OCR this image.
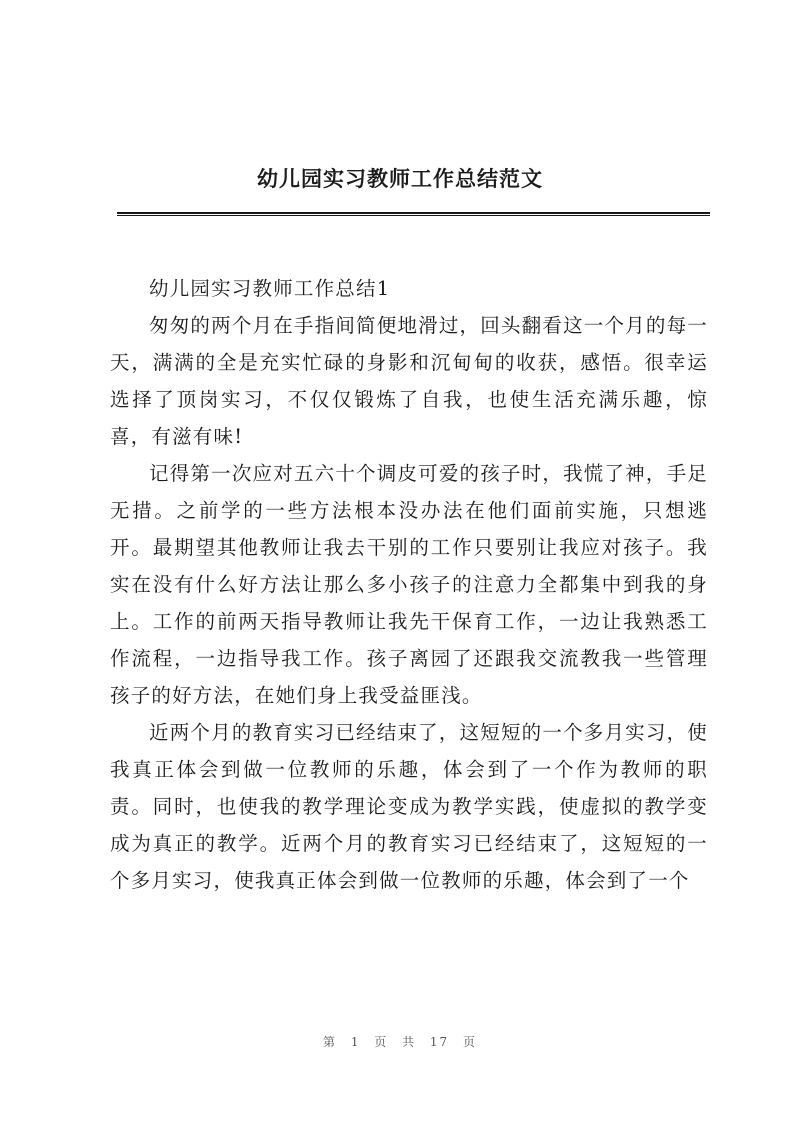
幼儿园实习教师工作总结范文

幼儿园实习教师工作总结1

匆匆的两个月在手指间简便地滑过，回头翻看这一个月的每一天，满满的全是充实忙碌的身影和沉甸甸的收获，感悟。很幸运选择了顶岗实习，不仅仅锻炼了自我，也使生活充满乐趣，惊喜，有滋有味!

记得第一次应对五六十个调皮可爱的孩子时，我慌了神，手足无措。之前学的一些方法根本没办法在他们面前实施，只想逃开。最期望其他教师让我去干别的工作只要别让我应对孩子。我实在没有什么好方法让那么多小孩子的注意力全都集中到我的身上。工作的前两天指导教师让我先干保育工作，一边让我熟悉工作流程，一边指导我工作。孩子离园了还跟我交流教我一些管理孩子的好方法，在她们身上我受益匪浅。

近两个月的教育实习已经结束了，这短短的一个多月实习，使我真正体会到做一位教师的乐趣，体会到了一个作为教师的职责。同时，也使我的教学理论变成为教学实践，使虚拟的教学变成为真正的教学。近两个月的教育实习已经结束了，这短短的一个多月实习，使我真正体会到做一位教师的乐趣，体会到了一个

第 1 页 共 17 页
